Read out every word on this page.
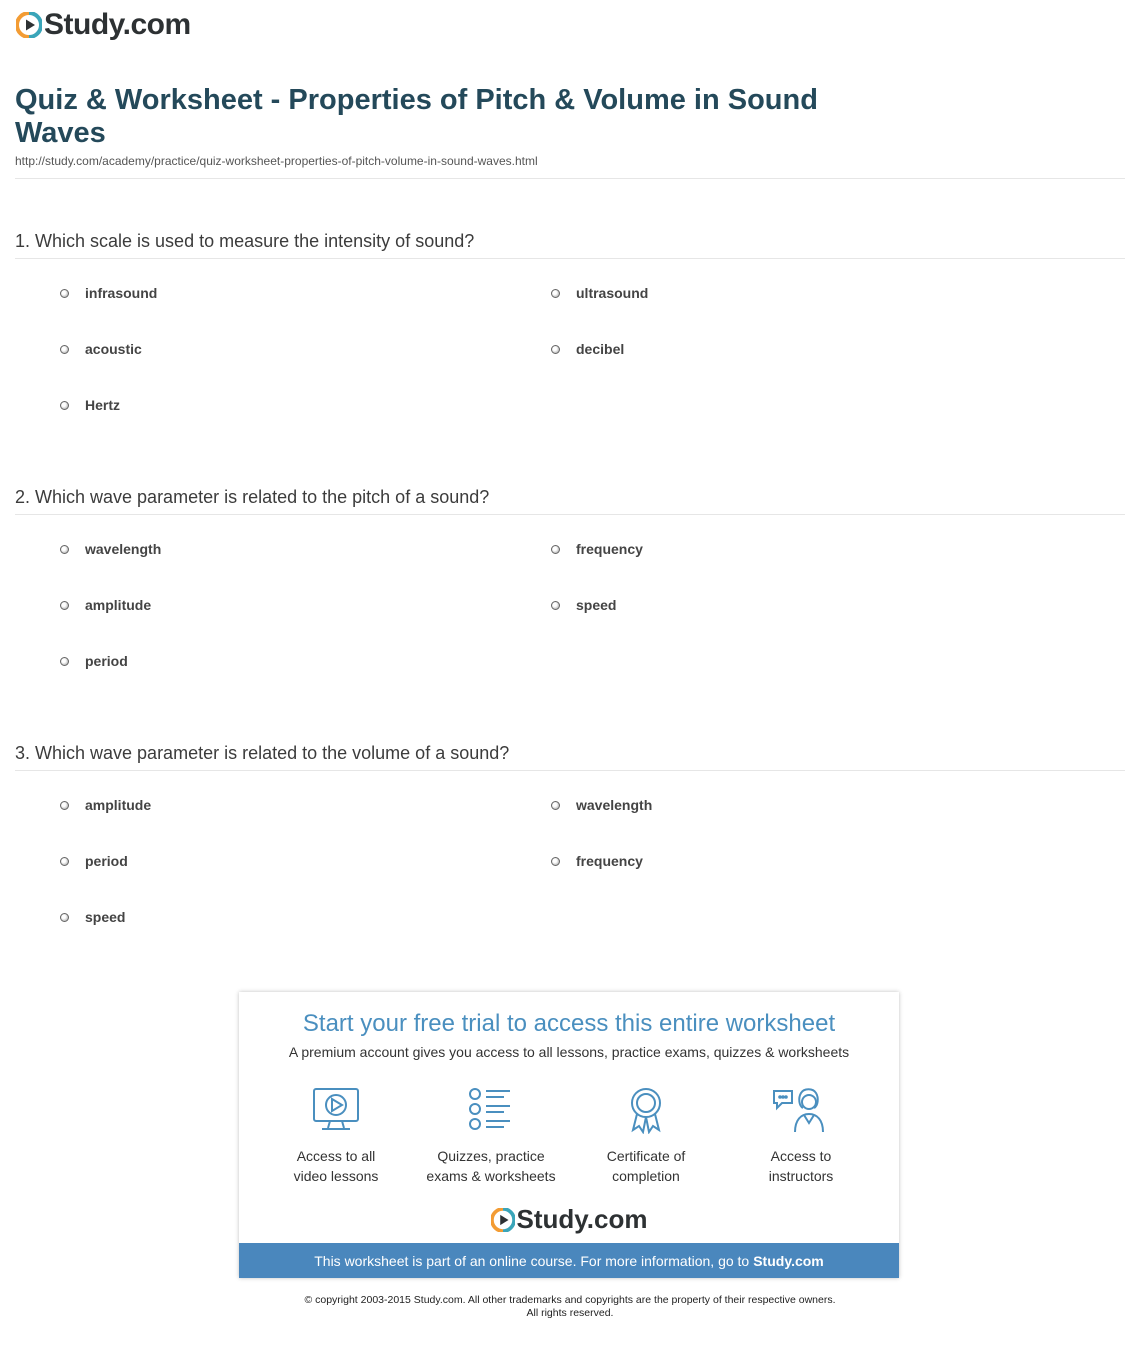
Study.com
Quiz & Worksheet - Properties of Pitch & Volume in Sound Waves
http://study.com/academy/practice/quiz-worksheet-properties-of-pitch-volume-in-sound-waves.html

1. Which scale is used to measure the intensity of sound?

infrasound	ultrasound
acoustic	decibel
Hertz

2. Which wave parameter is related to the pitch of a sound?

wavelength	frequency
amplitude	speed
period

3. Which wave parameter is related to the volume of a sound?

amplitude	wavelength
period	frequency
speed
Start your free trial to access this entire worksheet
A premium account gives you access to all lessons, practice exams, quizzes & worksheets
Access to all
video lessons
Quizzes, practice
exams & worksheets
Certificate of
completion
Access to
instructors
Study.com
This worksheet is part of an online course. For more information, go to Study.com
© copyright 2003-2015 Study.com. All other trademarks and copyrights are the property of their respective owners.
All rights reserved.
